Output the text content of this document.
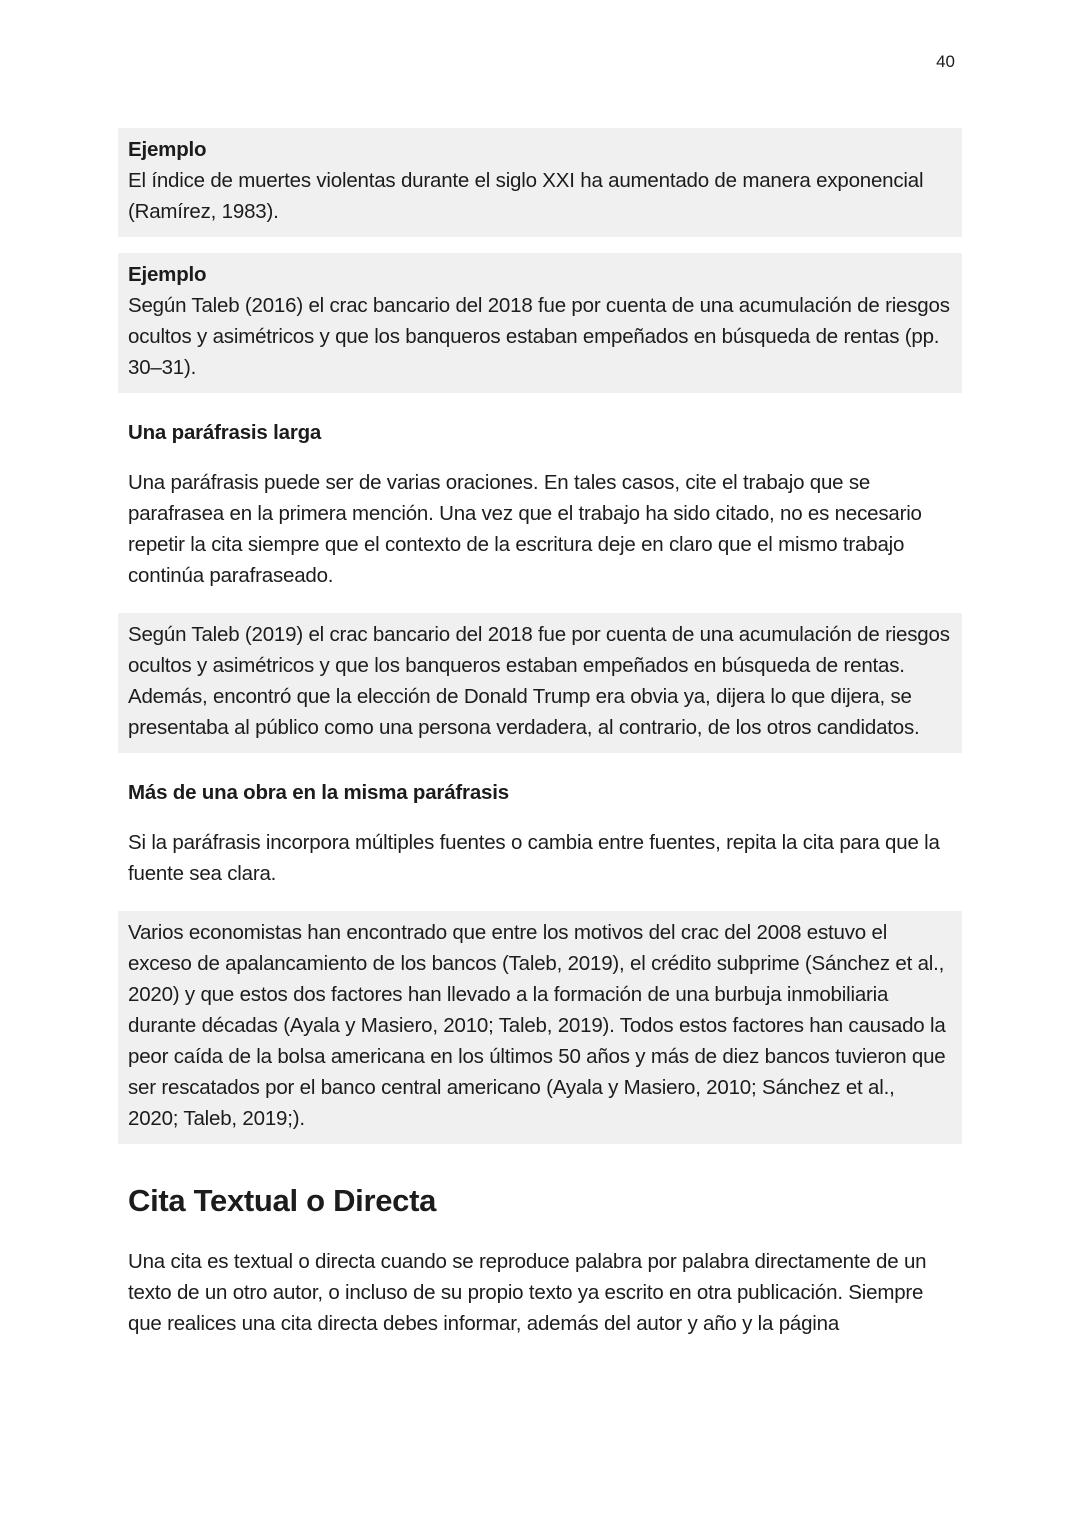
40

Ejemplo

El índice de muertes violentas durante el siglo XXI ha aumentado de manera exponencial (Ramírez, 1983).

Ejemplo

Según Taleb (2016) el crac bancario del 2018 fue por cuenta de una acumulación de riesgos ocultos y asimétricos y que los banqueros estaban empeñados en búsqueda de rentas (pp. 30–31).

Una paráfrasis larga

Una paráfrasis puede ser de varias oraciones. En tales casos, cite el trabajo que se parafrasea en la primera mención. Una vez que el trabajo ha sido citado, no es necesario repetir la cita siempre que el contexto de la escritura deje en claro que el mismo trabajo continúa parafraseado.

Según Taleb (2019) el crac bancario del 2018 fue por cuenta de una acumulación de riesgos ocultos y asimétricos y que los banqueros estaban empeñados en búsqueda de rentas. Además, encontró que la elección de Donald Trump era obvia ya, dijera lo que dijera, se presentaba al público como una persona verdadera, al contrario, de los otros candidatos.

Más de una obra en la misma paráfrasis

Si la paráfrasis incorpora múltiples fuentes o cambia entre fuentes, repita la cita para que la fuente sea clara.

Varios economistas han encontrado que entre los motivos del crac del 2008 estuvo el exceso de apalancamiento de los bancos (Taleb, 2019), el crédito subprime (Sánchez et al., 2020) y que estos dos factores han llevado a la formación de una burbuja inmobiliaria durante décadas (Ayala y Masiero, 2010; Taleb, 2019). Todos estos factores han causado la peor caída de la bolsa americana en los últimos 50 años y más de diez bancos tuvieron que ser rescatados por el banco central americano (Ayala y Masiero, 2010; Sánchez et al., 2020; Taleb, 2019;).

Cita Textual o Directa

Una cita es textual o directa cuando se reproduce palabra por palabra directamente de un texto de un otro autor, o incluso de su propio texto ya escrito en otra publicación. Siempre que realices una cita directa debes informar, además del autor y año y la página
